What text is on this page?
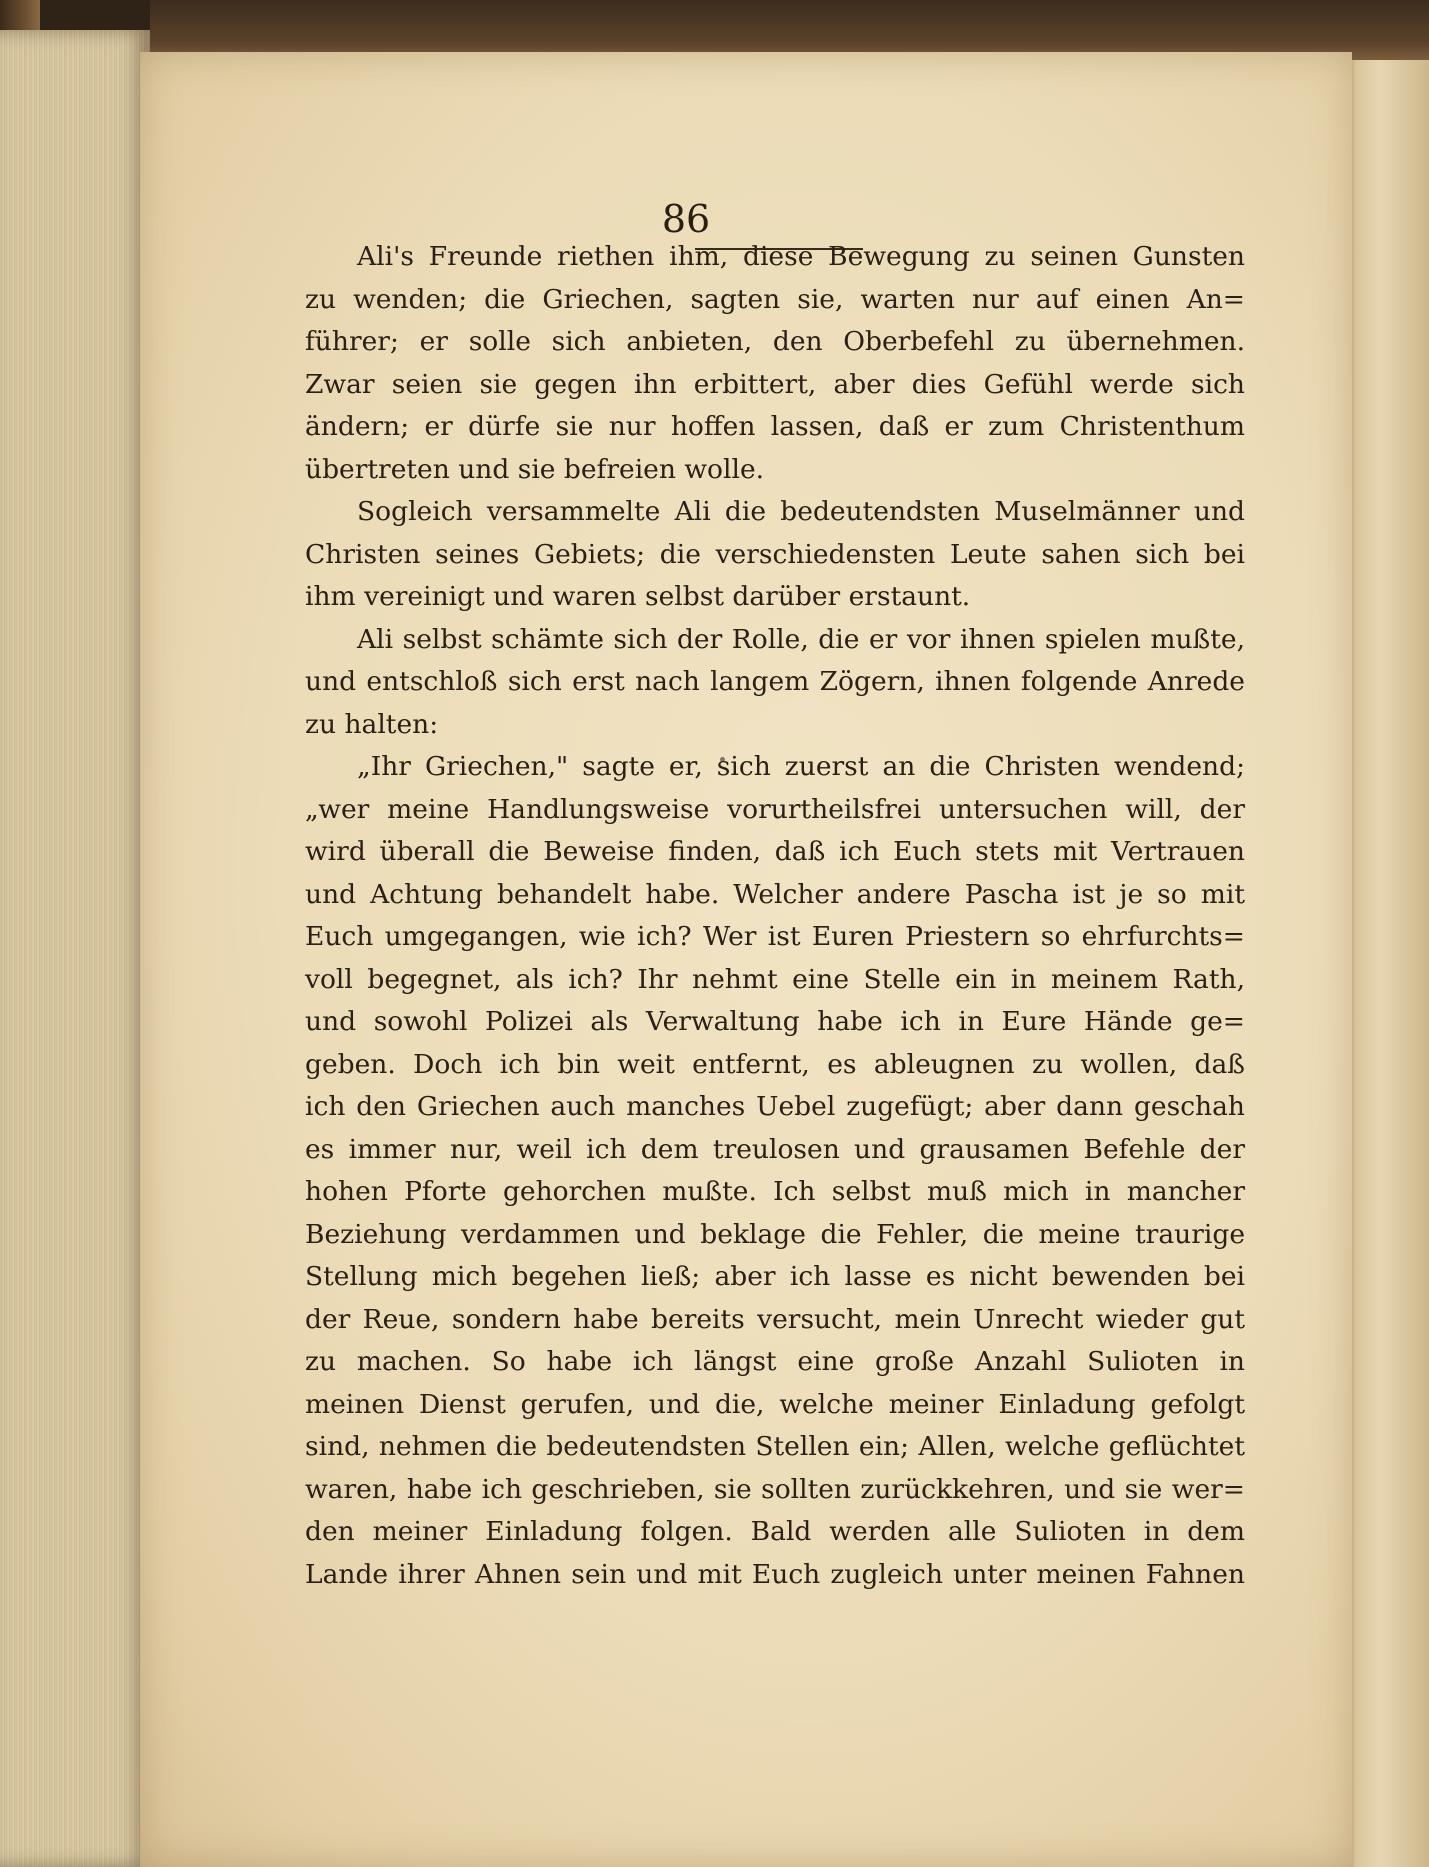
86
Ali's Freunde riethen ihm, diese Bewegung zu seinen Gunsten
zu wenden; die Griechen, sagten sie, warten nur auf einen An=
führer; er solle sich anbieten, den Oberbefehl zu übernehmen.
Zwar seien sie gegen ihn erbittert, aber dies Gefühl werde sich
ändern; er dürfe sie nur hoffen lassen, daß er zum Christenthum
übertreten und sie befreien wolle.
Sogleich versammelte Ali die bedeutendsten Muselmänner und
Christen seines Gebiets; die verschiedensten Leute sahen sich bei
ihm vereinigt und waren selbst darüber erstaunt.
Ali selbst schämte sich der Rolle, die er vor ihnen spielen mußte,
und entschloß sich erst nach langem Zögern, ihnen folgende Anrede
zu halten:
„Ihr Griechen," sagte er, sich zuerst an die Christen wendend;
„wer meine Handlungsweise vorurtheilsfrei untersuchen will, der
wird überall die Beweise finden, daß ich Euch stets mit Vertrauen
und Achtung behandelt habe. Welcher andere Pascha ist je so mit
Euch umgegangen, wie ich? Wer ist Euren Priestern so ehrfurchts=
voll begegnet, als ich? Ihr nehmt eine Stelle ein in meinem Rath,
und sowohl Polizei als Verwaltung habe ich in Eure Hände ge=
geben. Doch ich bin weit entfernt, es ableugnen zu wollen, daß
ich den Griechen auch manches Uebel zugefügt; aber dann geschah
es immer nur, weil ich dem treulosen und grausamen Befehle der
hohen Pforte gehorchen mußte. Ich selbst muß mich in mancher
Beziehung verdammen und beklage die Fehler, die meine traurige
Stellung mich begehen ließ; aber ich lasse es nicht bewenden bei
der Reue, sondern habe bereits versucht, mein Unrecht wieder gut
zu machen. So habe ich längst eine große Anzahl Sulioten in
meinen Dienst gerufen, und die, welche meiner Einladung gefolgt
sind, nehmen die bedeutendsten Stellen ein; Allen, welche geflüchtet
waren, habe ich geschrieben, sie sollten zurückkehren, und sie wer=
den meiner Einladung folgen. Bald werden alle Sulioten in dem
Lande ihrer Ahnen sein und mit Euch zugleich unter meinen Fahnen
